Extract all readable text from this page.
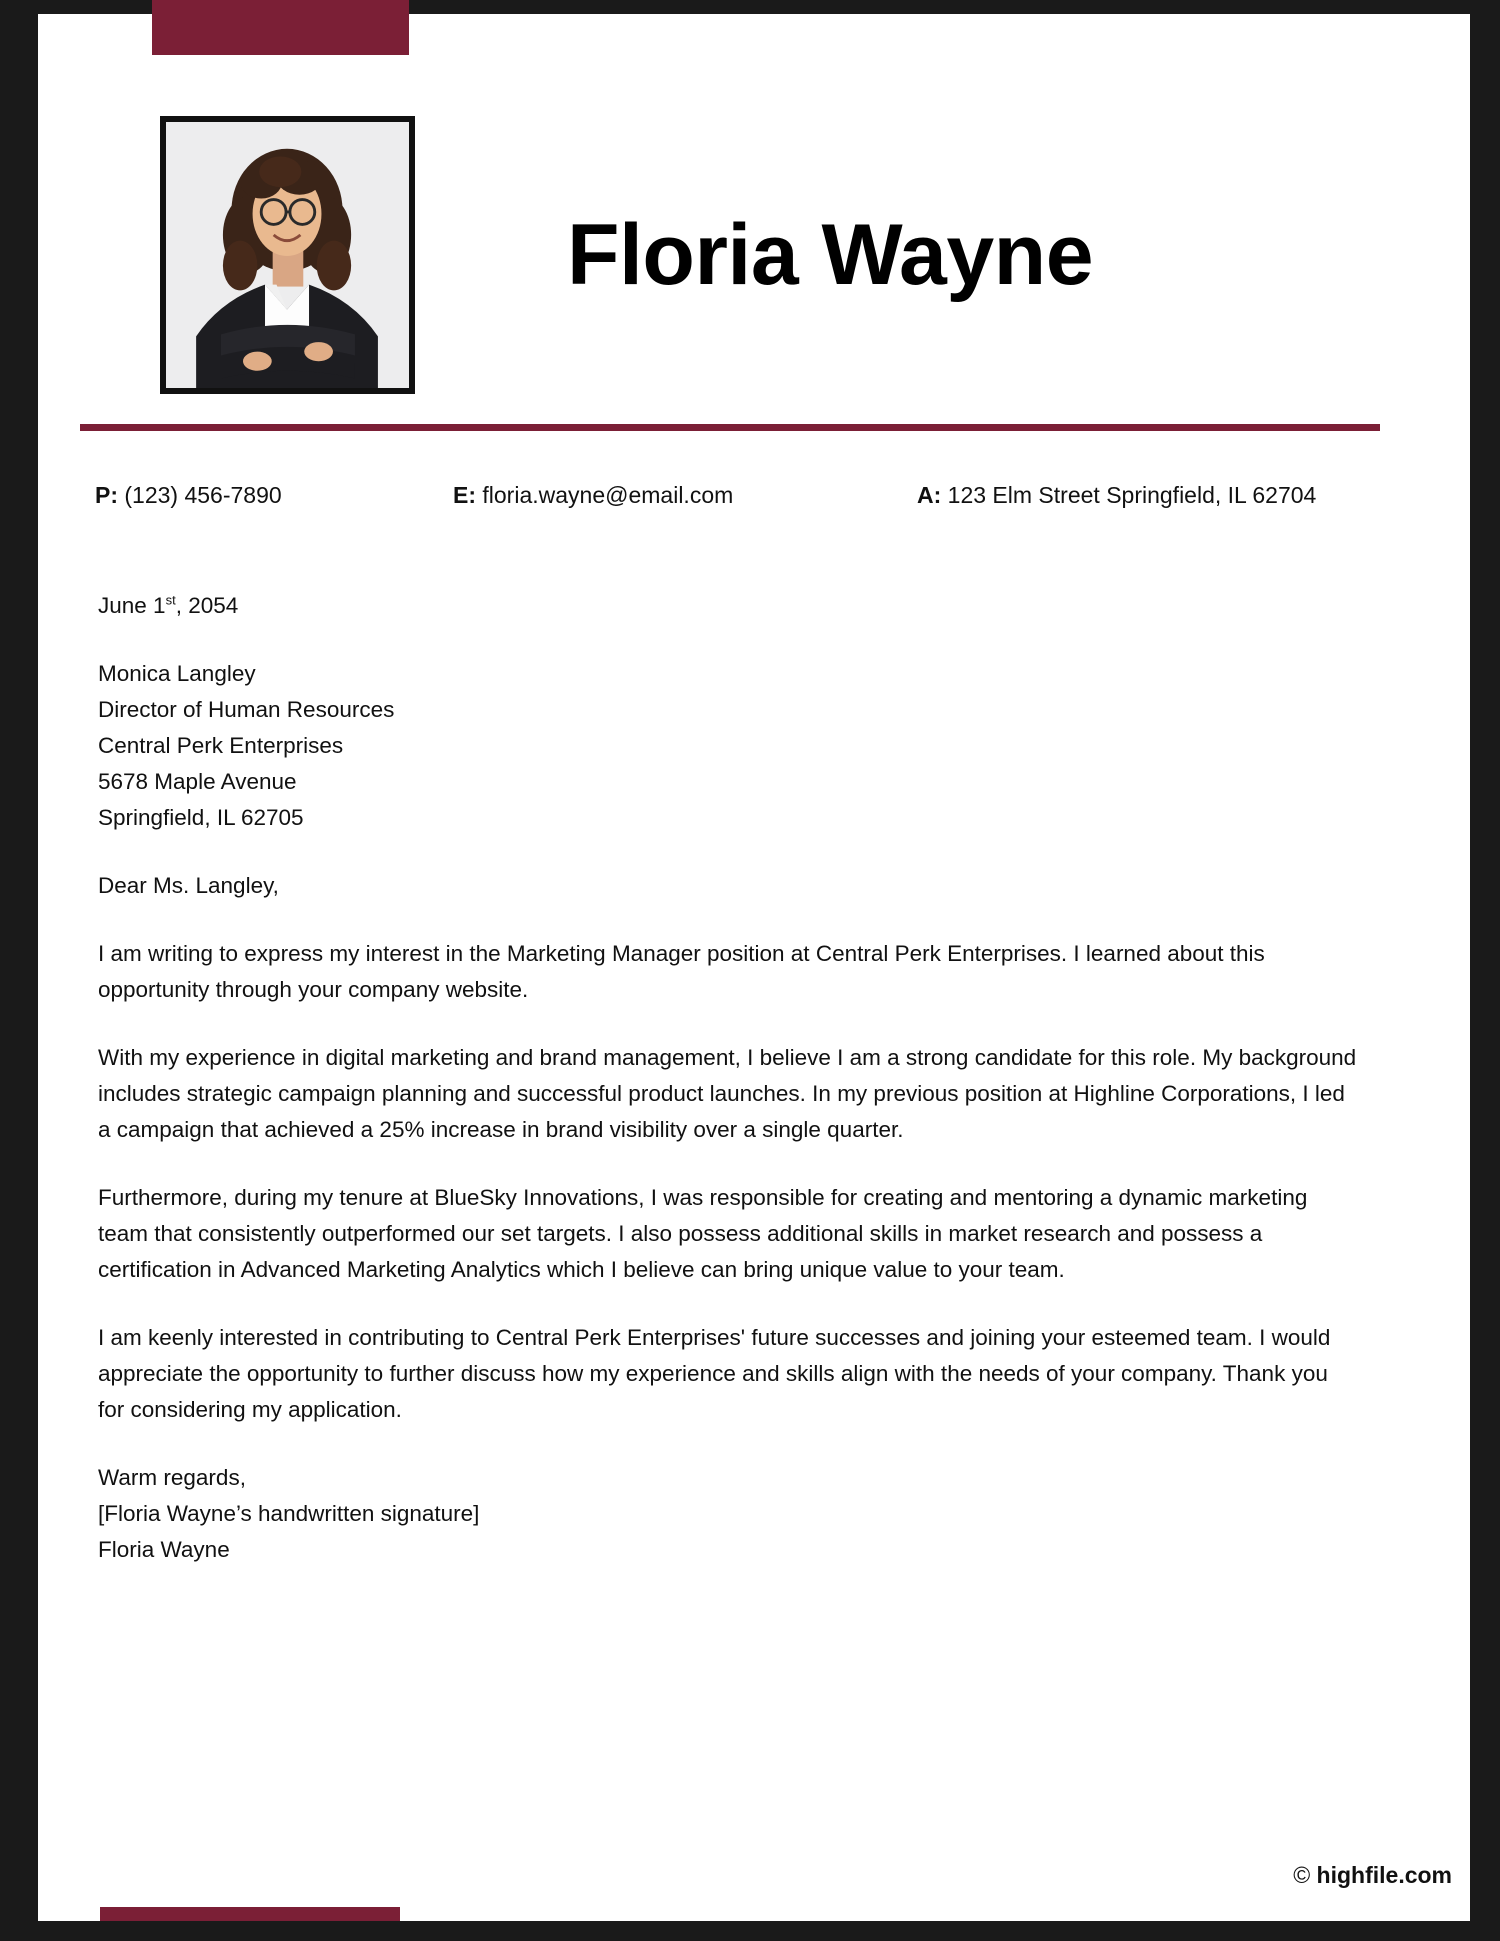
Floria Wayne
P: (123) 456-7890	E: floria.wayne@email.com	A: 123 Elm Street Springfield, IL 62704
June 1st, 2054
Monica Langley
Director of Human Resources
Central Perk Enterprises
5678 Maple Avenue
Springfield, IL 62705
Dear Ms. Langley,
I am writing to express my interest in the Marketing Manager position at Central Perk Enterprises. I learned about this opportunity through your company website.
With my experience in digital marketing and brand management, I believe I am a strong candidate for this role. My background includes strategic campaign planning and successful product launches. In my previous position at Highline Corporations, I led a campaign that achieved a 25% increase in brand visibility over a single quarter.
Furthermore, during my tenure at BlueSky Innovations, I was responsible for creating and mentoring a dynamic marketing team that consistently outperformed our set targets. I also possess additional skills in market research and possess a certification in Advanced Marketing Analytics which I believe can bring unique value to your team.
I am keenly interested in contributing to Central Perk Enterprises' future successes and joining your esteemed team. I would appreciate the opportunity to further discuss how my experience and skills align with the needs of your company. Thank you for considering my application.
Warm regards,
[Floria Wayne’s handwritten signature]
Floria Wayne
© highfile.com
